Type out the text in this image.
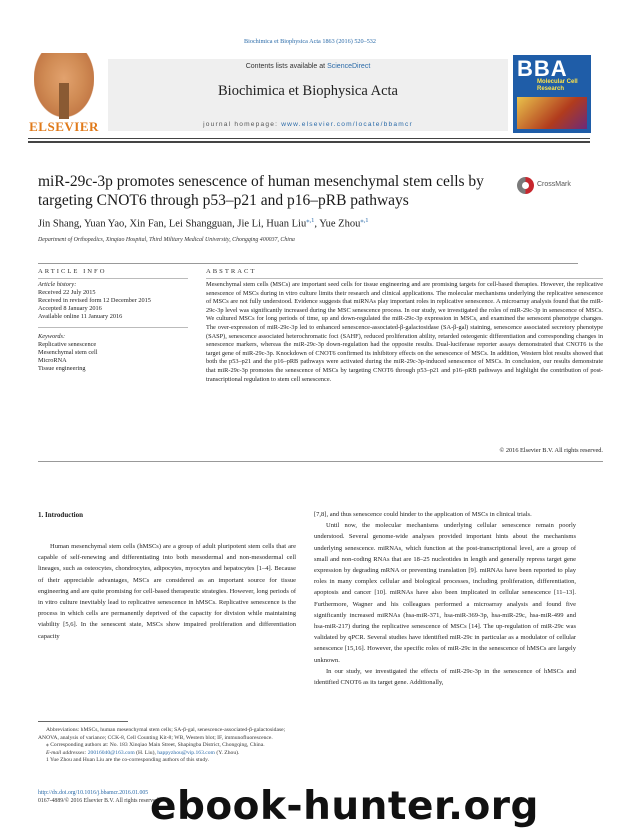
Biochimica et Biophysica Acta 1863 (2016) 520–532
ELSEVIER
Contents lists available at ScienceDirect
Biochimica et Biophysica Acta
journal homepage: www.elsevier.com/locate/bbamcr
BBA
Molecular Cell Research
miR-29c-3p promotes senescence of human mesenchymal stem cells by targeting CNOT6 through p53–p21 and p16–pRB pathways
CrossMark
Jin Shang, Yuan Yao, Xin Fan, Lei Shangguan, Jie Li, Huan Liu$^{⁎,1}$, Yue Zhou$^{⁎,1}$
Department of Orthopedics, Xinqiao Hospital, Third Military Medical University, Chongqing 400037, China
ARTICLE INFO	ABSTRACT
Article history:
Received 22 July 2015
Received in revised form 12 December 2015
Accepted 8 January 2016
Available online 11 January 2016
Keywords:
Replicative senescence
Mesenchymal stem cell
MicroRNA
Tissue engineering
Mesenchymal stem cells (MSCs) are important seed cells for tissue engineering and are promising targets for cell-based therapies. However, the replicative senescence of MSCs during in vitro culture limits their research and clinical applications. The molecular mechanisms underlying the replicative senescence of MSCs are not fully understood. Evidence suggests that miRNAs play important roles in replicative senescence. A microarray analysis found that the miR-29c-3p level was significantly increased during the MSC senescence process. In our study, we investigated the roles of miR-29c-3p in senescence of MSCs. We cultured MSCs for long periods of time, up and down-regulated the miR-29c-3p expression in MSCs, and examined the senescent phenotype changes. The over-expression of miR-29c-3p led to enhanced senescence-associated-β-galactosidase (SA-β-gal) staining, senescence associated secretory phenotype (SASP), senescence associated heterochromatic foci (SAHF), reduced proliferation ability, retarded osteogenic differentiation and corresponding changes in senescence markers, whereas the miR-29c-3p down-regulation had the opposite results. Dual-luciferase reporter assays demonstrated that CNOT6 is the target gene of miR-29c-3p. Knockdown of CNOT6 confirmed its inhibitory effects on the senescence of MSCs. In addition, Western blot results showed that both the p53–p21 and the p16–pRB pathways were activated during the miR-29c-3p-induced senescence of MSCs. In conclusion, our results demonstrate that miR-29c-3p promotes the senescence of MSCs by targeting CNOT6 through p53–p21 and p16–pRB pathways and highlight the contribution of post-transcriptional regulation to stem cell senescence.
© 2016 Elsevier B.V. All rights reserved.
1. Introduction

Human mesenchymal stem cells (hMSCs) are a group of adult pluripotent stem cells that are capable of self-renewing and differentiating into both mesodermal and non-mesodermal cell lineages, such as osteocytes, chondrocytes, adipocytes, myocytes and hepatocytes [1–4]. Because of their appreciable advantages, MSCs are considered as an important source for tissue engineering and are quite promising for cell-based therapeutic strategies. However, long periods of in vitro culture inevitably lead to replicative senescence in hMSCs. Replicative senescence is the process in which cells are permanently deprived of the capacity for division while maintaining viability [5,6]. In the senescent state, MSCs show impaired proliferation and differentiation capacity

[7,8], and thus senescence could hinder to the application of MSCs in clinical trials.

Until now, the molecular mechanisms underlying cellular senescence remain poorly understood. Several genome-wide analyses provided important hints about the mechanisms underlying senescence. miRNAs, which function at the post-transcriptional level, are a group of small and non-coding RNAs that are 18–25 nucleotides in length and generally repress target gene expression by degrading mRNA or preventing translation [9]. miRNAs have been reported to play roles in many complex cellular and biological processes, including proliferation, differentiation, apoptosis and cancer [10]. miRNAs have also been implicated in cellular senescence [11–13]. Furthermore, Wagner and his colleagues performed a microarray analysis and found five significantly increased miRNAs (hsa-miR-371, hsa-miR-369-3p, hsa-miR-29c, hsa-miR-499 and hsa-miR-217) during the replicative senescence of MSCs [14]. The up-regulation of miR-29c was validated by qPCR. Several studies have identified miR-29c in particular as a modulator of cellular senescence [15,16]. However, the specific roles of miR-29c in the senescence of hMSCs are largely unknown.

In our study, we investigated the effects of miR-29c-3p in the senescence of hMSCs and identified CNOT6 as its target gene. Additionally,

Abbreviations: hMSCs, human mesenchymal stem cells; SA-β-gal, senescence-associated-β-galactosidase; ANOVA, analysis of variance; CCK-8, Cell Counting Kit-8; WB, Western blot; IF, immunofluorescence.
⁎ Corresponding authors at: No. 183 Xinqiao Main Street, Shapingba District, Chongqing, China.
E-mail addresses: 20016040@163.com (H. Liu), happyzhou@vip.163.com (Y. Zhou).
1 Yue Zhou and Huan Liu are the co-corresponding authors of this study.
http://dx.doi.org/10.1016/j.bbamcr.2016.01.005
0167-4889/© 2016 Elsevier B.V. All rights reserved.
ebook-hunter.org
